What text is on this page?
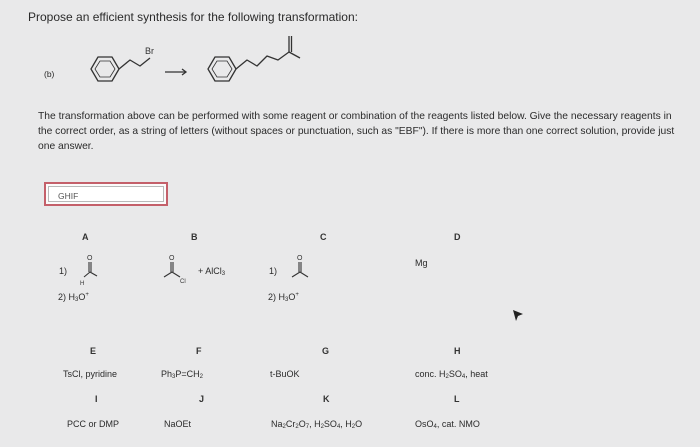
Propose an efficient synthesis for the following transformation:
(b)
Br
The transformation above can be performed with some reagent or combination of the reagents listed below. Give the necessary reagents in the correct order, as a string of letters (without spaces or punctuation, such as "EBF"). If there is more than one correct solution, provide just one answer.
GHIF
A
1)
O
H
2) $H_3O^+$
B
O
Cl
+ AlCl$_3$
C
1)
O
2) $H_3O^+$
D
Mg
E
TsCl, pyridine
F
$Ph_3P=CH_2$
G
t-BuOK
H
conc. $H_2SO_4$, heat
I
PCC or DMP
J
NaOEt
K
$Na_2Cr_2O_7$, $H_2SO_4$, $H_2O$
L
OsO$_4$, cat. NMO
